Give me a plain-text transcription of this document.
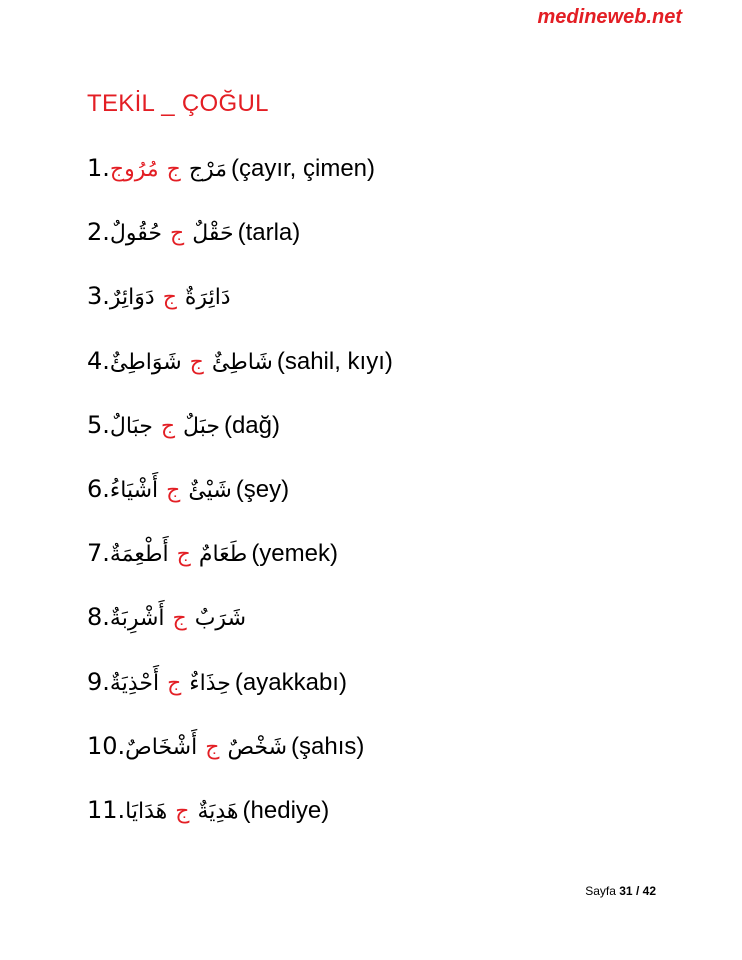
medineweb.net
TEKİL _ ÇOĞUL
1.مُرُوج ج مَرْج (çayır, çimen)
2.حُقُولٌ ج حَقْلٌ (tarla)
3.دَوَائِرٌ ج دَائِرَةٌ
4.شَوَاطِئٌ ج شَاطِئٌ (sahil, kıyı)
5.جبَالٌ ج جبَلٌ (dağ)
6.أَشْيَاءُ ج شَيْئٌ (şey)
7.أَطْعِمَةٌ ج طَعَامٌ (yemek)
8.أَشْرِبَةٌ ج شَرَبٌ
9.أَحْذِيَةٌ ج حِذَاءٌ (ayakkabı)
10.أَشْخَاصٌ ج شَخْصٌ (şahıs)
11.هَدَايَا ج هَدِيَةٌ (hediye)
Sayfa 31 / 42
